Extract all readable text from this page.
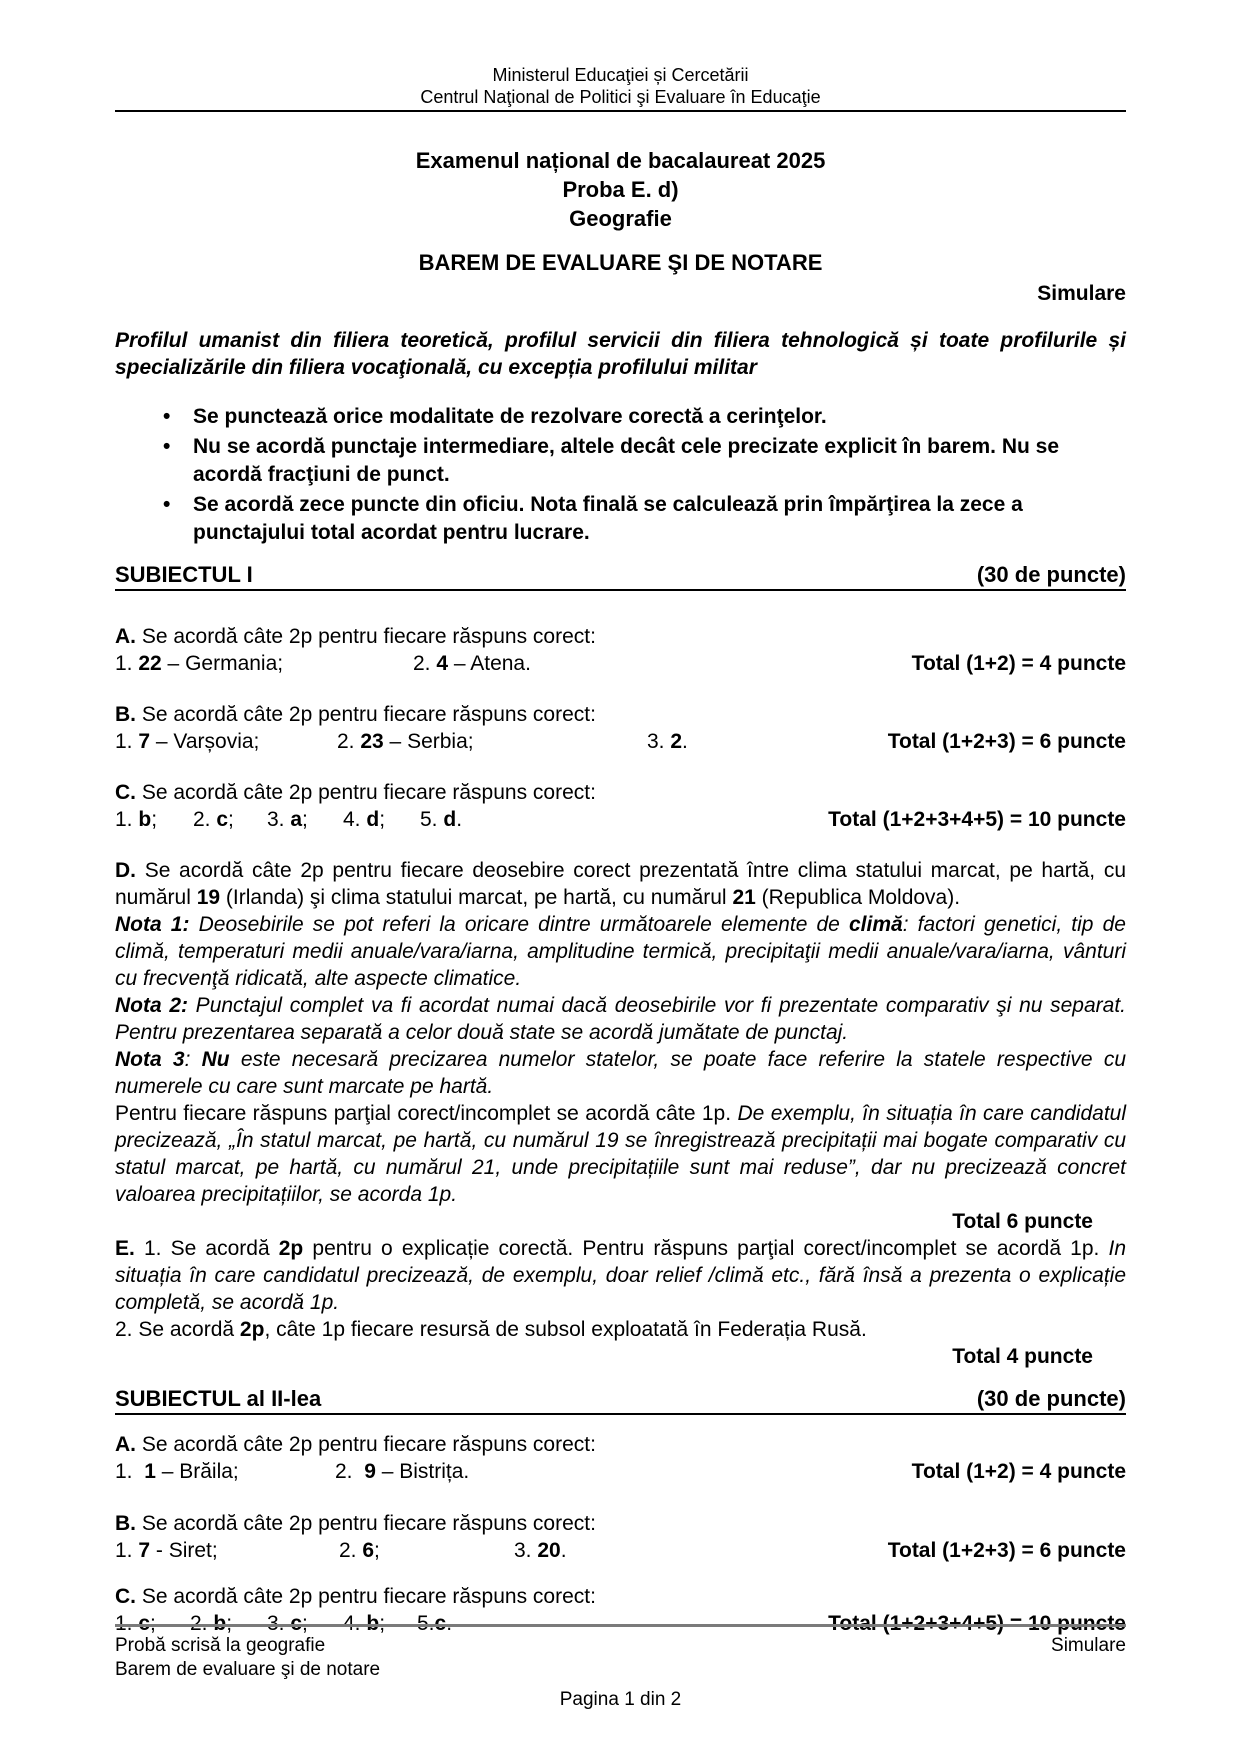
Ministerul Educaţiei și Cercetării
Centrul Naţional de Politici şi Evaluare în Educaţie
Examenul național de bacalaureat 2025
Proba E. d)
Geografie
BAREM DE EVALUARE ŞI DE NOTARE
Simulare
Profilul umanist din filiera teoretică, profilul servicii din filiera tehnologică și toate profilurile și specializările din filiera vocaţională, cu excepția profilului militar
• Se punctează orice modalitate de rezolvare corectă a cerinţelor.
• Nu se acordă punctaje intermediare, altele decât cele precizate explicit în barem. Nu se acordă fracţiuni de punct.
• Se acordă zece puncte din oficiu. Nota finală se calculează prin împărţirea la zece a punctajului total acordat pentru lucrare.
SUBIECTUL I	(30 de puncte)
A. Se acordă câte 2p pentru fiecare răspuns corect:
1. 22 – Germania;	2. 4 – Atena.	Total (1+2) = 4 puncte
B. Se acordă câte 2p pentru fiecare răspuns corect:
1. 7 – Varșovia;	2. 23 – Serbia;	3. 2.	Total (1+2+3) = 6 puncte
C. Se acordă câte 2p pentru fiecare răspuns corect:
1. b;	2. c;	3. a;	4. d;	5. d.	Total (1+2+3+4+5) = 10 puncte
D. Se acordă câte 2p pentru fiecare deosebire corect prezentată între clima statului marcat, pe hartă, cu numărul 19 (Irlanda) şi clima statului marcat, pe hartă, cu numărul 21 (Republica Moldova).
Nota 1: Deosebirile se pot referi la oricare dintre următoarele elemente de climă: factori genetici, tip de climă, temperaturi medii anuale/vara/iarna, amplitudine termică, precipitaţii medii anuale/vara/iarna, vânturi cu frecvenţă ridicată, alte aspecte climatice.
Nota 2: Punctajul complet va fi acordat numai dacă deosebirile vor fi prezentate comparativ şi nu separat. Pentru prezentarea separată a celor două state se acordă jumătate de punctaj.
Nota 3: Nu este necesară precizarea numelor statelor, se poate face referire la statele respective cu numerele cu care sunt marcate pe hartă.
Pentru fiecare răspuns parţial corect/incomplet se acordă câte 1p. De exemplu, în situația în care candidatul precizează, „În statul marcat, pe hartă, cu numărul 19 se înregistrează precipitații mai bogate comparativ cu statul marcat, pe hartă, cu numărul 21, unde precipitațiile sunt mai reduse”, dar nu precizează concret valoarea precipitațiilor, se acorda 1p.
Total 6 puncte
E. 1. Se acordă 2p pentru o explicație corectă. Pentru răspuns parţial corect/incomplet se acordă 1p. In situația în care candidatul precizează, de exemplu, doar relief /climă etc., fără însă a prezenta o explicație completă, se acordă 1p.
2. Se acordă 2p, câte 1p fiecare resursă de subsol exploatată în Federația Rusă.
Total 4 puncte
SUBIECTUL al II-lea	(30 de puncte)
A. Se acordă câte 2p pentru fiecare răspuns corect:
1.  1 – Brăila;	2.  9 – Bistrița.	Total (1+2) = 4 puncte
B. Se acordă câte 2p pentru fiecare răspuns corect:
1. 7 - Siret;	2. 6;	3. 20.	Total (1+2+3) = 6 puncte
C. Se acordă câte 2p pentru fiecare răspuns corect:
1. c;	2. b;	3. c;	4. b;	5.c.	Total (1+2+3+4+5) = 10 puncte
Probă scrisă la geografie	Simulare
Barem de evaluare şi de notare
Pagina 1 din 2
